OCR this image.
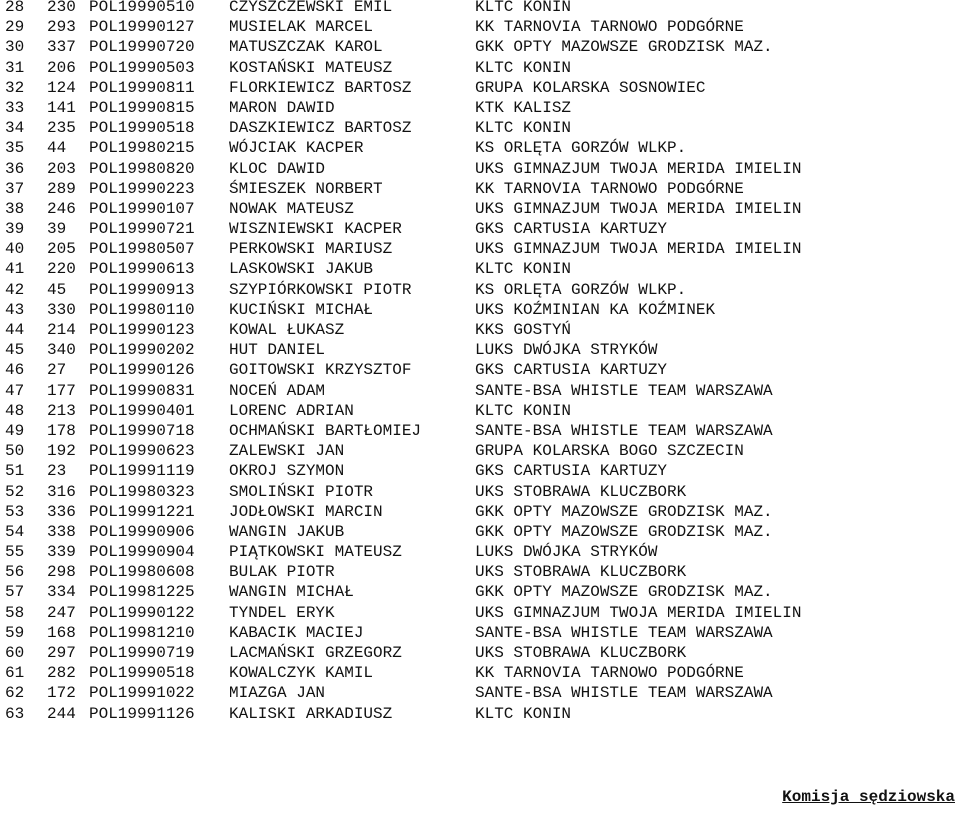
28 230 POL19990510 CZYSZCZEWSKI EMIL	KLTC KONIN
29 293 POL19990127 MUSIELAK MARCEL	KK TARNOVIA TARNOWO PODGÓRNE
30 337 POL19990720 MATUSZCZAK KAROL	GKK OPTY MAZOWSZE GRODZISK MAZ.
31 206 POL19990503 KOSTAŃSKI MATEUSZ	KLTC KONIN
32 124 POL19990811 FLORKIEWICZ BARTOSZ	GRUPA KOLARSKA SOSNOWIEC
33 141 POL19990815 MARON DAWID	KTK KALISZ
34 235 POL19990518 DASZKIEWICZ BARTOSZ	KLTC KONIN
35 44 POL19980215 WÓJCIAK KACPER	KS ORLĘTA GORZÓW WLKP.
36 203 POL19980820 KLOC DAWID	UKS GIMNAZJUM TWOJA MERIDA IMIELIN
37 289 POL19990223 ŚMIESZEK NORBERT	KK TARNOVIA TARNOWO PODGÓRNE
38 246 POL19990107 NOWAK MATEUSZ	UKS GIMNAZJUM TWOJA MERIDA IMIELIN
39 39 POL19990721 WISZNIEWSKI KACPER	GKS CARTUSIA KARTUZY
40 205 POL19980507 PERKOWSKI MARIUSZ	UKS GIMNAZJUM TWOJA MERIDA IMIELIN
41 220 POL19990613 LASKOWSKI JAKUB	KLTC KONIN
42 45 POL19990913 SZYPIÓRKOWSKI PIOTR	KS ORLĘTA GORZÓW WLKP.
43 330 POL19980110 KUCIŃSKI MICHAŁ	UKS KOŹMINIAN KA KOŹMINEK
44 214 POL19990123 KOWAL ŁUKASZ	KKS GOSTYŃ
45 340 POL19990202 HUT DANIEL	LUKS DWÓJKA STRYKÓW
46 27 POL19990126 GOITOWSKI KRZYSZTOF	GKS CARTUSIA KARTUZY
47 177 POL19990831 NOCEŃ ADAM	SANTE-BSA WHISTLE TEAM WARSZAWA
48 213 POL19990401 LORENC ADRIAN	KLTC KONIN
49 178 POL19990718 OCHMAŃSKI BARTŁOMIEJ	SANTE-BSA WHISTLE TEAM WARSZAWA
50 192 POL19990623 ZALEWSKI JAN	GRUPA KOLARSKA BOGO SZCZECIN
51 23 POL19991119 OKROJ SZYMON	GKS CARTUSIA KARTUZY
52 316 POL19980323 SMOLIŃSKI PIOTR	UKS STOBRAWA KLUCZBORK
53 336 POL19991221 JODŁOWSKI MARCIN	GKK OPTY MAZOWSZE GRODZISK MAZ.
54 338 POL19990906 WANGIN JAKUB	GKK OPTY MAZOWSZE GRODZISK MAZ.
55 339 POL19990904 PIĄTKOWSKI MATEUSZ	LUKS DWÓJKA STRYKÓW
56 298 POL19980608 BULAK PIOTR	UKS STOBRAWA KLUCZBORK
57 334 POL19981225 WANGIN MICHAŁ	GKK OPTY MAZOWSZE GRODZISK MAZ.
58 247 POL19990122 TYNDEL ERYK	UKS GIMNAZJUM TWOJA MERIDA IMIELIN
59 168 POL19981210 KABACIK MACIEJ	SANTE-BSA WHISTLE TEAM WARSZAWA
60 297 POL19990719 LACMAŃSKI GRZEGORZ	UKS STOBRAWA KLUCZBORK
61 282 POL19990518 KOWALCZYK KAMIL	KK TARNOVIA TARNOWO PODGÓRNE
62 172 POL19991022 MIAZGA JAN	SANTE-BSA WHISTLE TEAM WARSZAWA
63 244 POL19991126 KALISKI ARKADIUSZ	KLTC KONIN
Komisja sędziowska
